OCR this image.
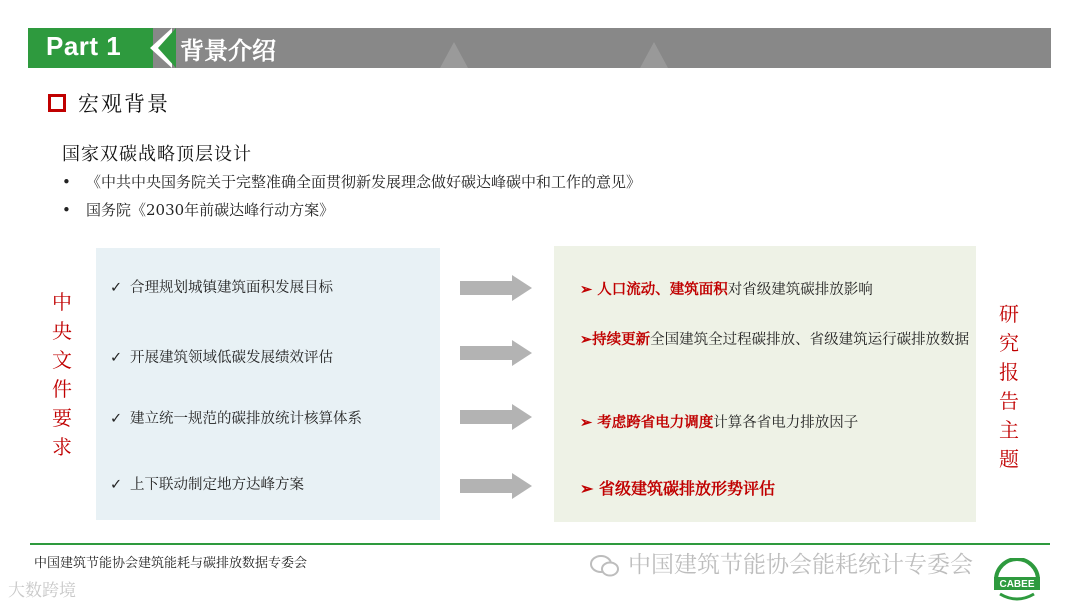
Part 1 背景介绍
宏观背景
国家双碳战略顶层设计
• 《中共中央国务院关于完整准确全面贯彻新发展理念做好碳达峰碳中和工作的意见》
• 国务院《2030年前碳达峰行动方案》
中央文件要求
研究报告主题
✓ 合理规划城镇建筑面积发展目标
✓ 开展建筑领域低碳发展绩效评估
✓ 建立统一规范的碳排放统计核算体系
✓ 上下联动制定地方达峰方案
➢ 人口流动、建筑面积对省级建筑碳排放影响
➢持续更新全国建筑全过程碳排放、省级建筑运行碳排放数据
➢ 考虑跨省电力调度计算各省电力排放因子
➢ 省级建筑碳排放形势评估
中国建筑节能协会建筑能耗与碳排放数据专委会	中国建筑节能协会能耗统计专委会
大数跨境	CABEE
